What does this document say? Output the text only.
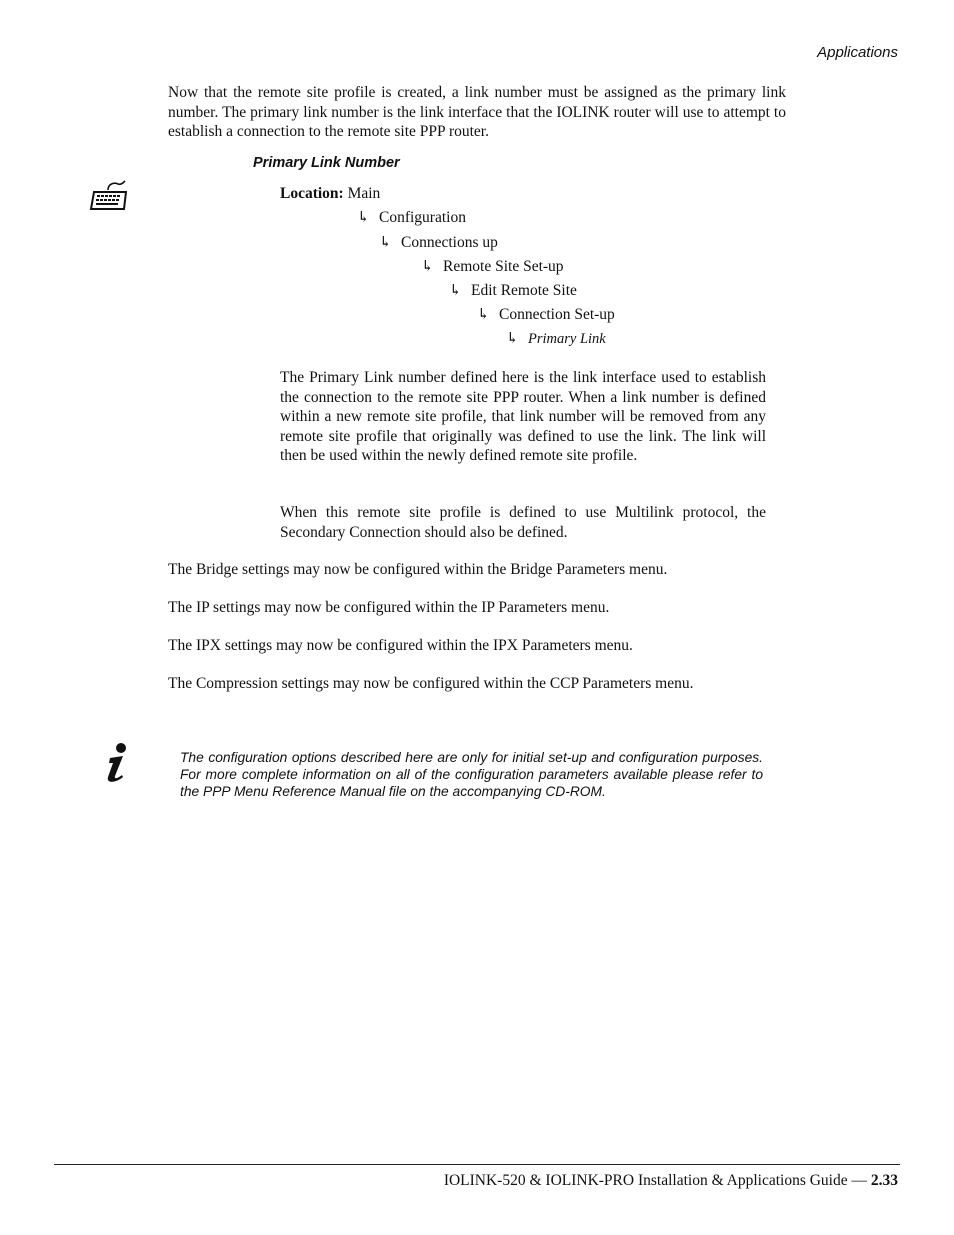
Applications
Now that the remote site profile is created, a link number must be assigned as the primary link number. The primary link number is the link interface that the IOLINK router will use to attempt to establish a connection to the remote site PPP router.
Primary Link Number
Location: Main
↳ Configuration
↳ Connections up
↳ Remote Site Set-up
↳ Edit Remote Site
↳ Connection Set-up
↳ Primary Link
The Primary Link number defined here is the link interface used to establish the connection to the remote site PPP router. When a link number is defined within a new remote site profile, that link number will be removed from any remote site profile that originally was defined to use the link. The link will then be used within the newly defined remote site profile.
When this remote site profile is defined to use Multilink protocol, the Secondary Connection should also be defined.
The Bridge settings may now be configured within the Bridge Parameters menu.
The IP settings may now be configured within the IP Parameters menu.
The IPX settings may now be configured within the IPX Parameters menu.
The Compression settings may now be configured within the CCP Parameters menu.
The configuration options described here are only for initial set-up and configuration purposes. For more complete information on all of the configuration parameters available please refer to the PPP Menu Reference Manual file on the accompanying CD-ROM.
IOLINK-520 & IOLINK-PRO Installation & Applications Guide — 2.33
